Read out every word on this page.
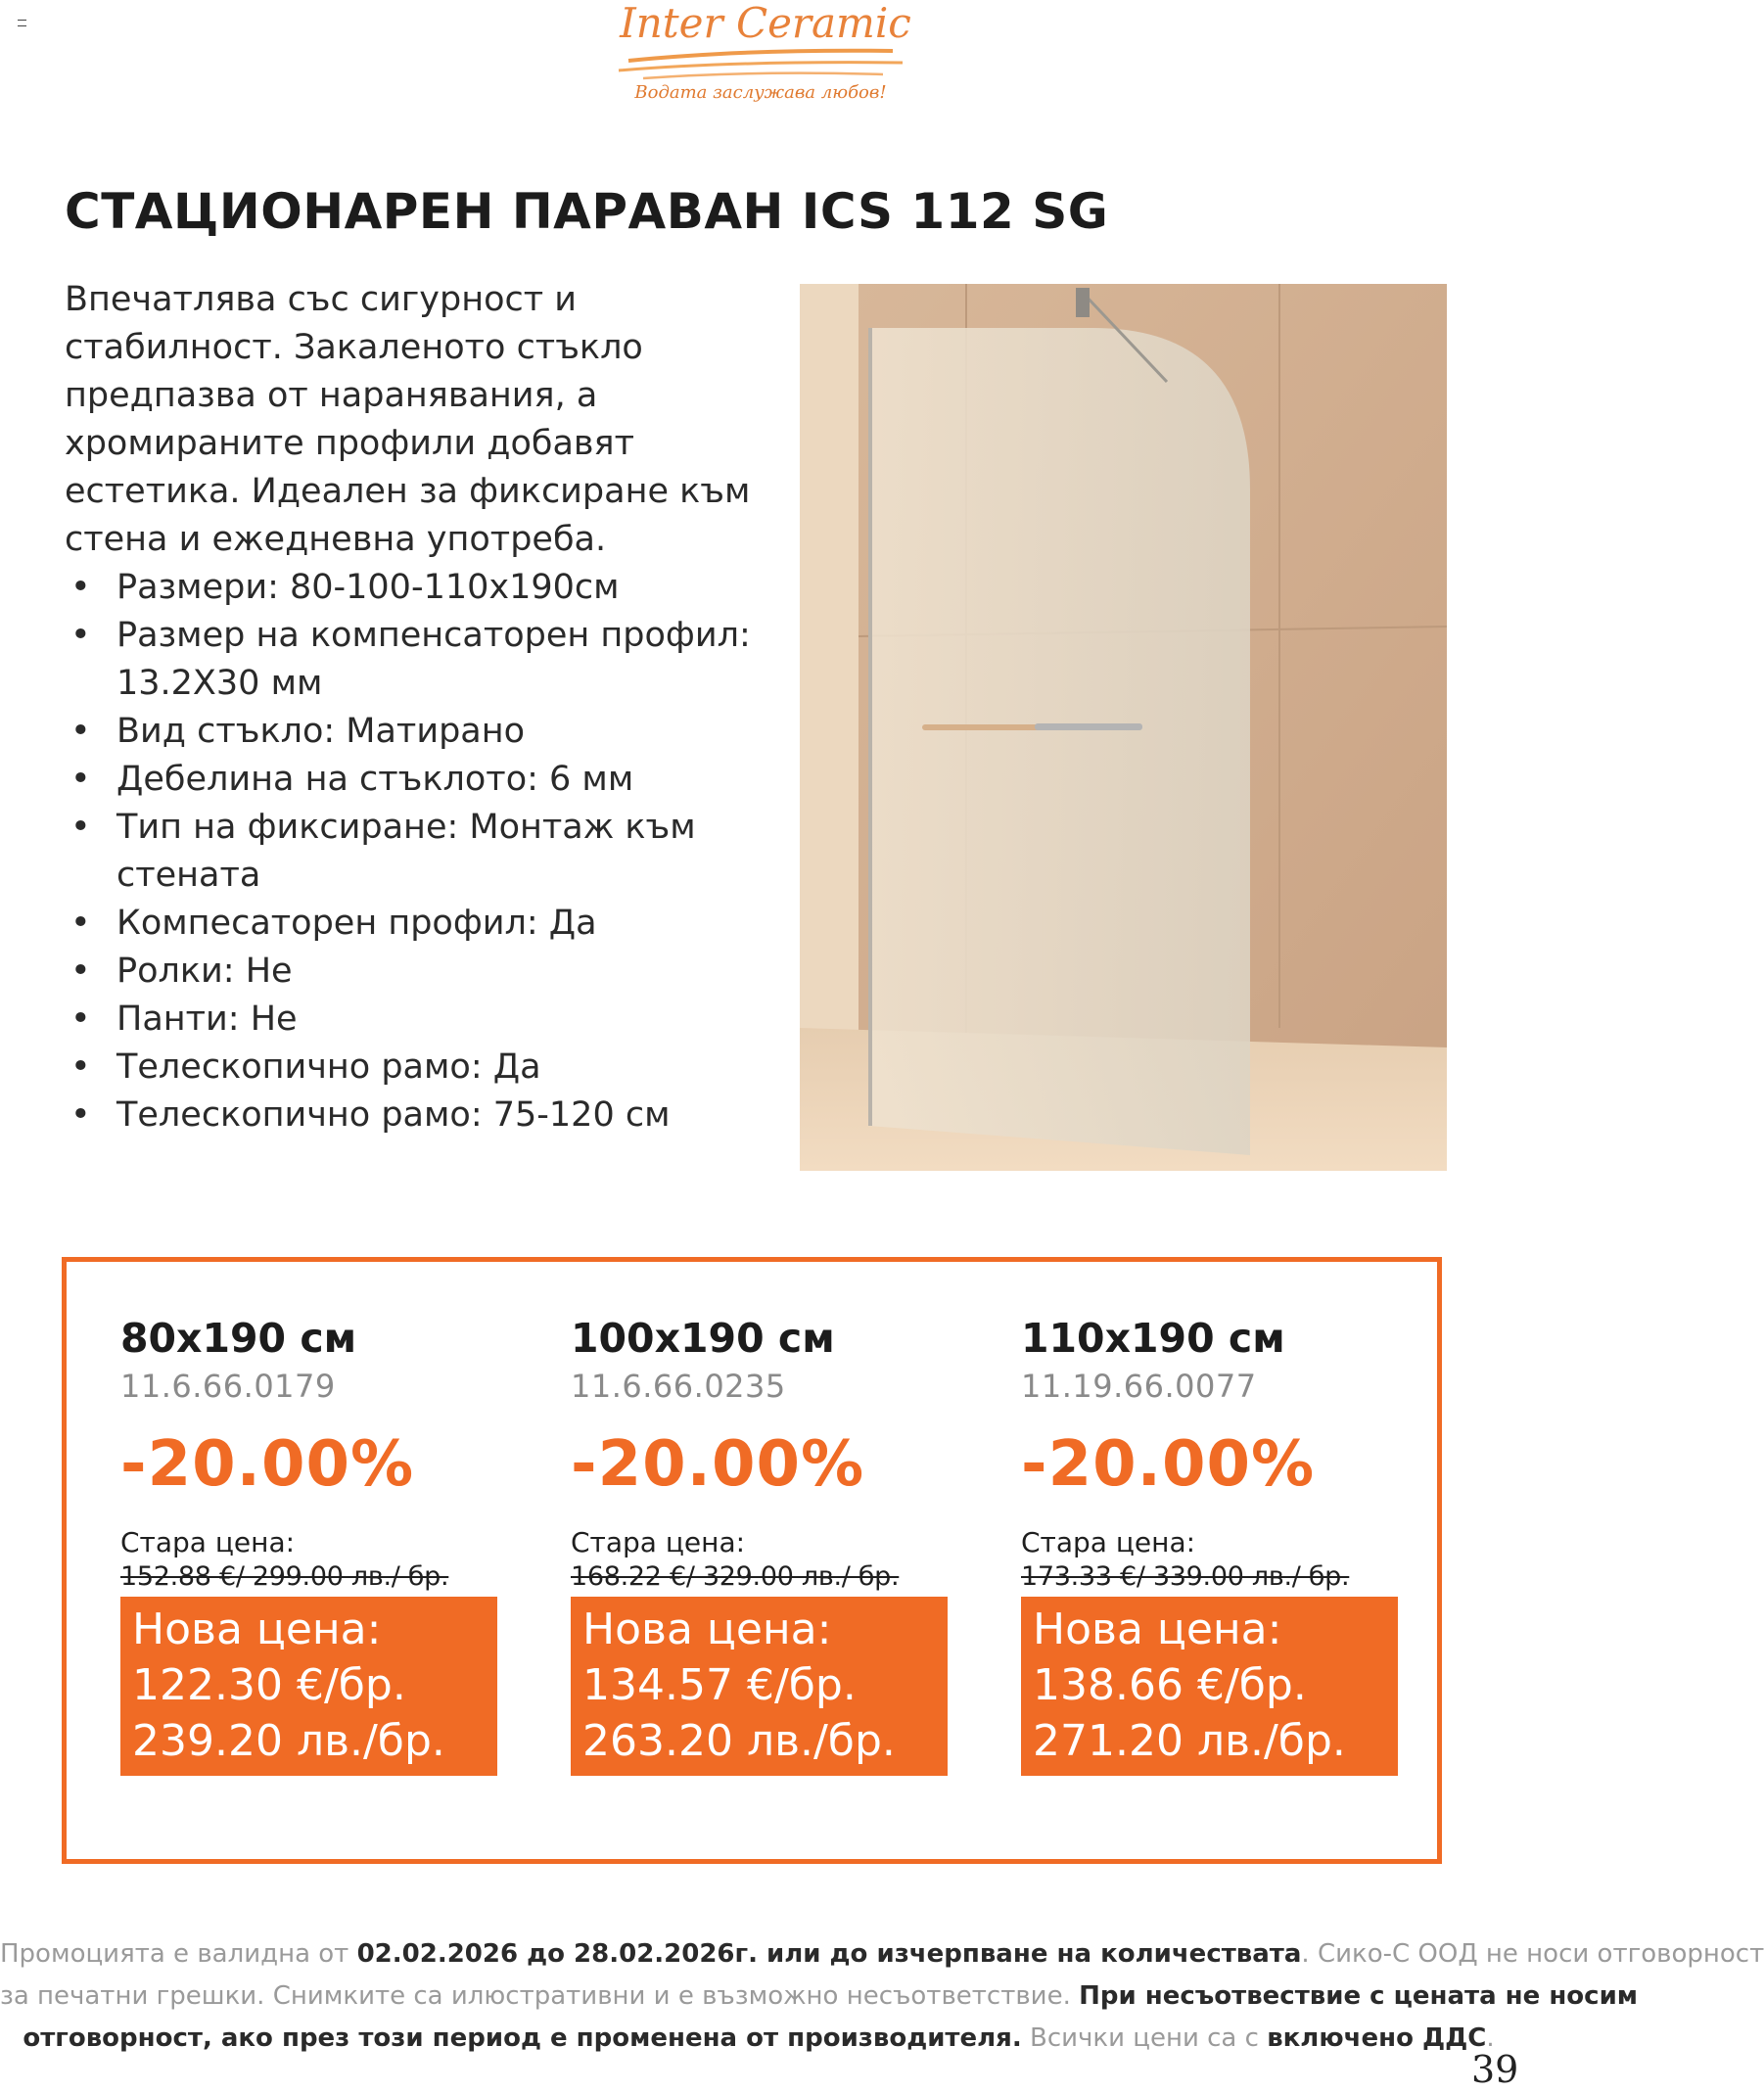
Inter Ceramic
Водата заслужава любов!
СТАЦИОНАРЕН ПАРАВАН ICS 112 SG

Впечатлява със сигурност и стабилност. Закаленото стъкло предпазва от наранявания, а хромираните профили добавят естетика. Идеален за фиксиране към стена и ежедневна употреба.

• Размери: 80-100-110х190см
• Размер на компенсаторен профил: 13.2Х30 мм
• Вид стъкло: Матирано
• Дебелина на стъклото: 6 мм
• Тип на фиксиране: Монтаж към стената
• Компесаторен профил: Да
• Ролки: Не
• Панти: Не
• Телескопично рамо: Да
• Телескопично рамо: 75-120 см
80x190 см
11.6.66.0179
-20.00%
Стара цена:
152.88 €/ 299.00 лв./ бр.
Нова цена:
122.30 €/бр.
239.20 лв./бр.
100x190 см
11.6.66.0235
-20.00%
Стара цена:
168.22 €/ 329.00 лв./ бр.
Нова цена:
134.57 €/бр.
263.20 лв./бр.
110x190 см
11.19.66.0077
-20.00%
Стара цена:
173.33 €/ 339.00 лв./ бр.
Нова цена:
138.66 €/бр.
271.20 лв./бр.

Промоцията е валидна от 02.02.2026 до 28.02.2026г. или до изчерпване на количествата. Сико-С ООД не носи отговорност

за печатни грешки. Снимките са илюстративни и е възможно несъответствие. При несъотвествие с цената не носим

отговорност, ако през този период е променена от производителя. Всички цени са с включено ДДС.

39
